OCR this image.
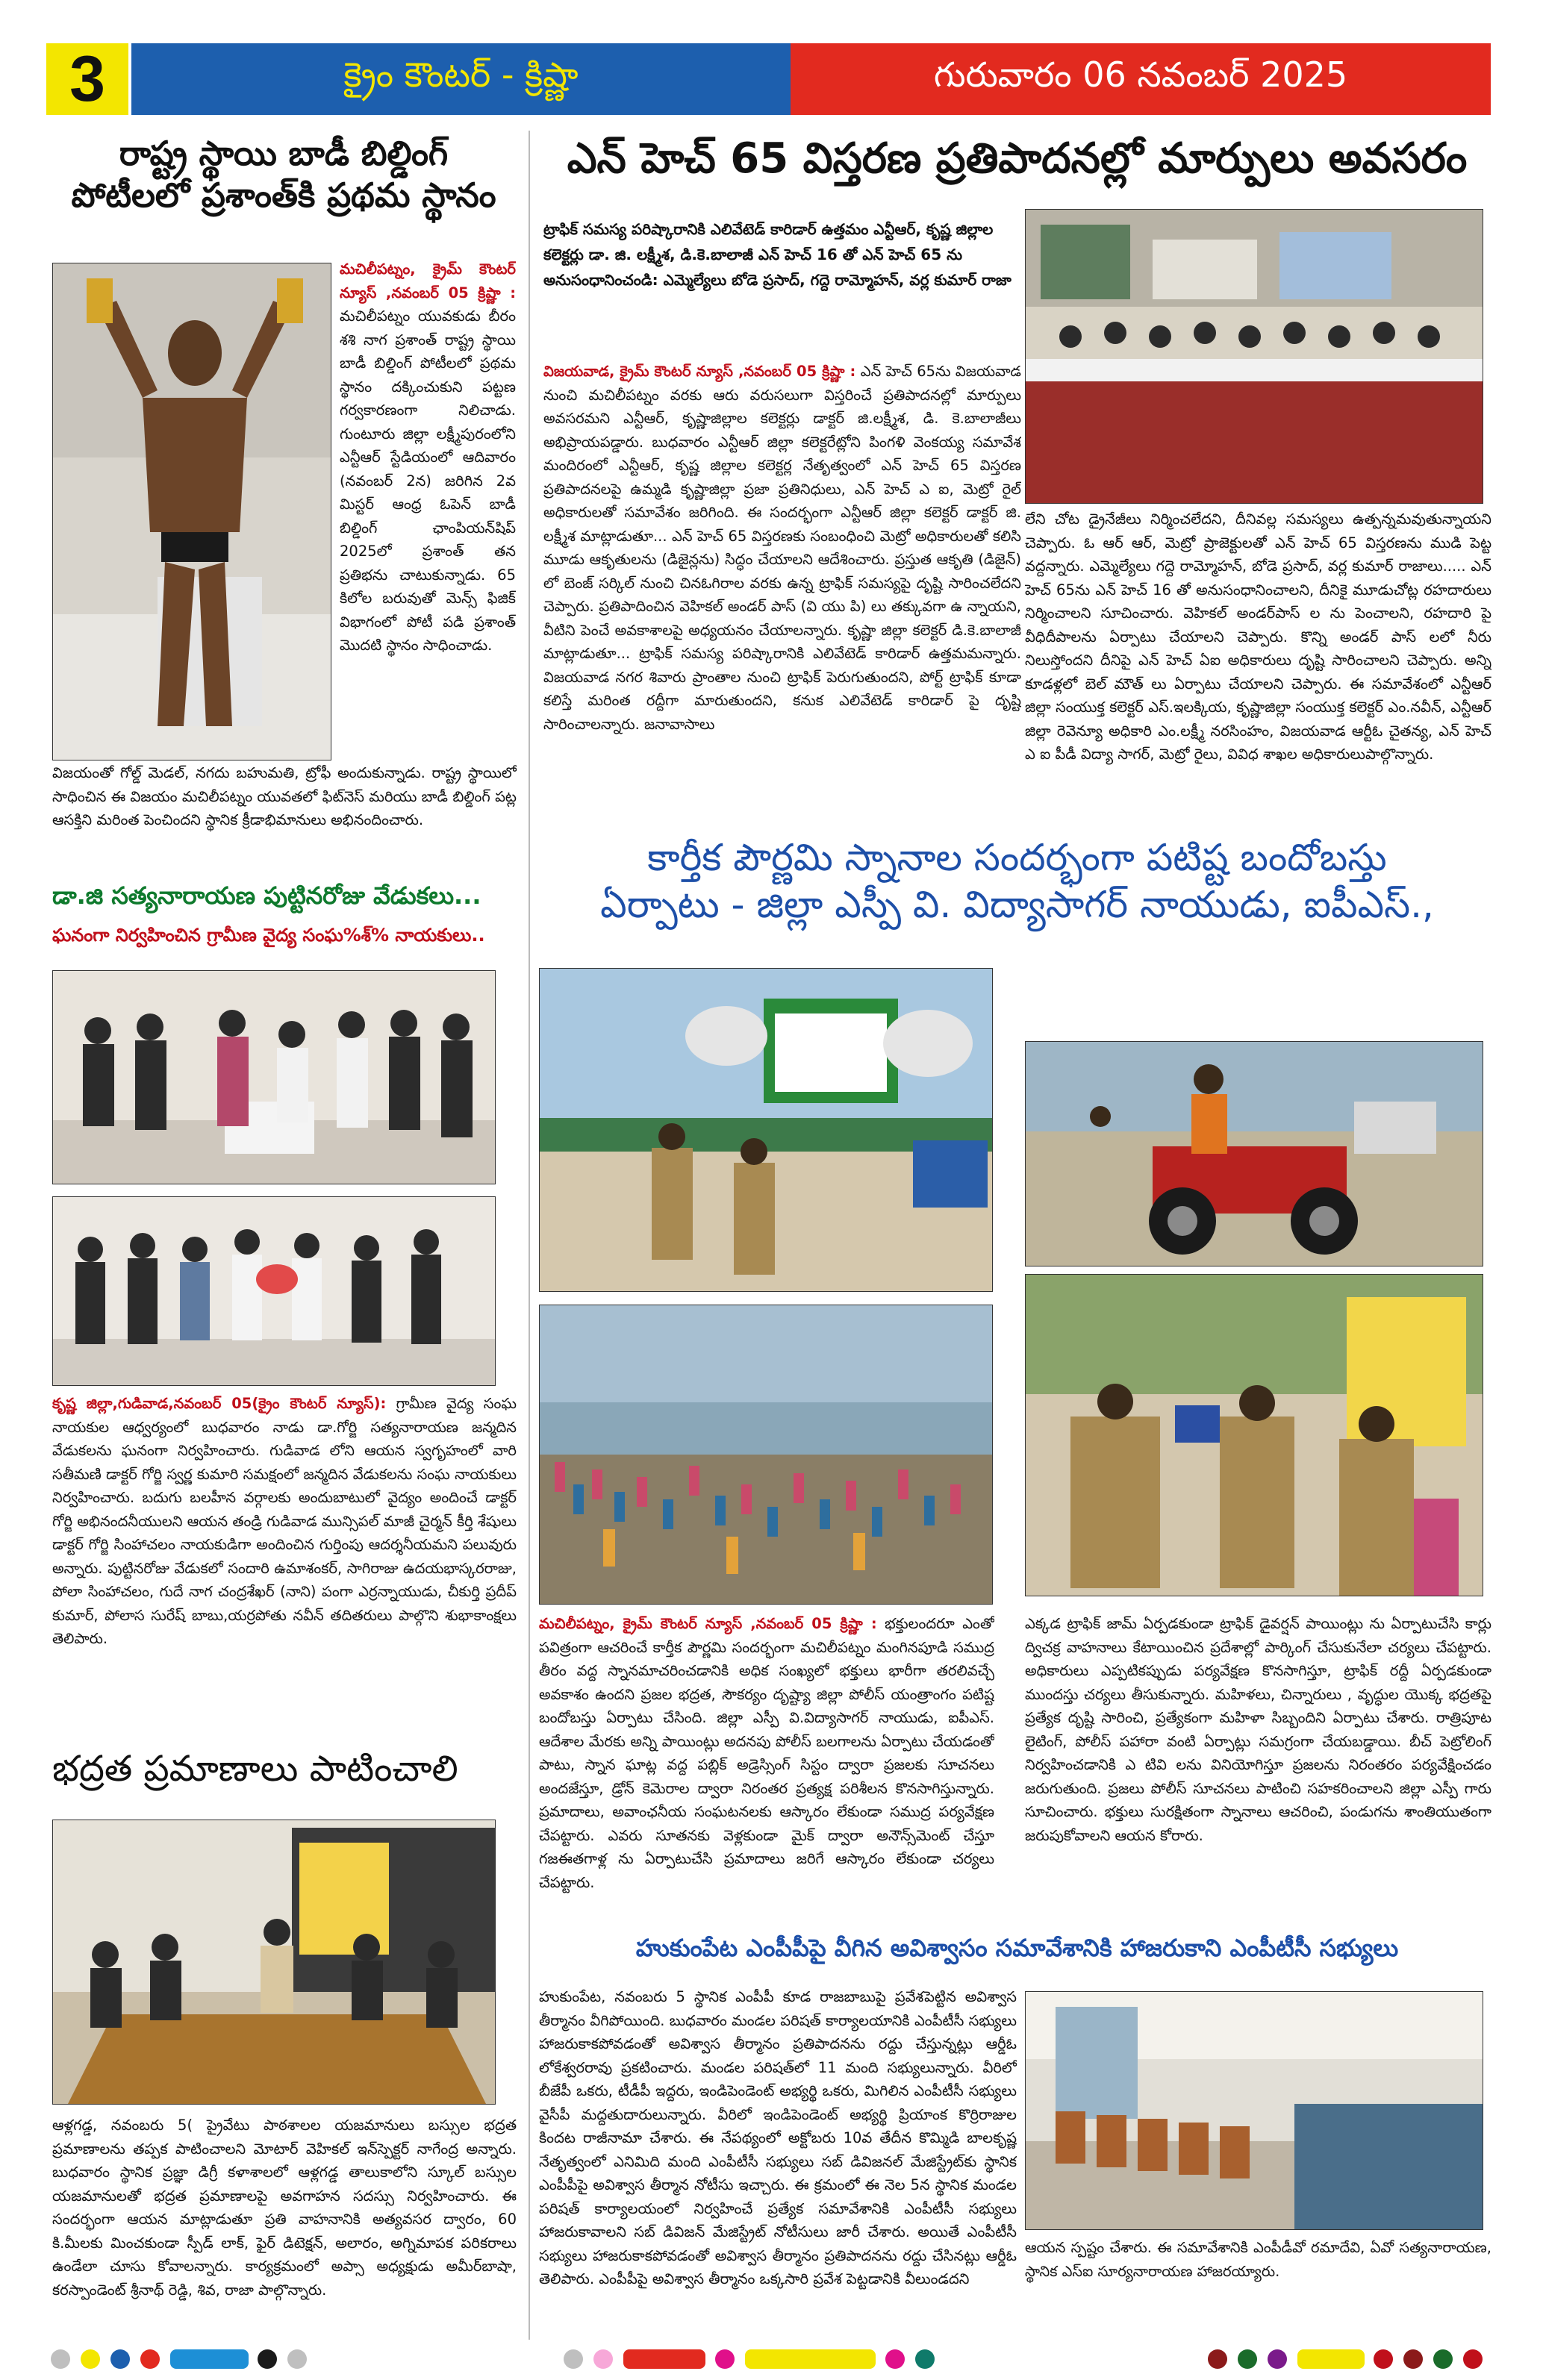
3	క్రైం కౌంటర్ - క్రిష్ణా	గురువారం 06 నవంబర్ 2025
రాష్ట్ర స్థాయి బాడీ బిల్డింగ్
పోటీలలో ప్రశాంత్‌కి ప్రథమ స్థానం
మచిలీపట్నం, క్రైమ్ కౌంటర్ న్యూస్ ,నవంబర్ 05 క్రిష్ణా : మచిలీపట్నం యువకుడు బీరం శశి నాగ ప్రశాంత్ రాష్ట్ర స్థాయి బాడీ బిల్డింగ్ పోటీలలో ప్రథమ స్థానం దక్కించుకుని పట్టణ గర్వకారణంగా నిలిచాడు. గుంటూరు జిల్లా లక్ష్మీపురంలోని ఎన్టీఆర్ స్టేడియంలో ఆదివారం (నవంబర్ 2న) జరిగిన 2వ మిస్టర్ ఆంధ్ర ఓపెన్ బాడీ బిల్డింగ్ ఛాంపియన్‌షిప్ 2025లో ప్రశాంత్ తన ప్రతిభను చాటుకున్నాడు. 65 కిలోల బరువుతో మెన్స్ ఫిజిక్ విభాగంలో పోటీ పడి ప్రశాంత్ మొదటి స్థానం సాధించాడు.

విజయంతో గోల్డ్ మెడల్, నగదు బహుమతి, ట్రోఫీ అందుకున్నాడు. రాష్ట్ర స్థాయిలో సాధించిన ఈ విజయం మచిలీపట్నం యువతలో ఫిట్‌నెస్ మరియు బాడీ బిల్డింగ్ పట్ల ఆసక్తిని మరింత పెంచిందని స్థానిక క్రీడాభిమానులు అభినందించారు.

డా.జి సత్యనారాయణ పుట్టినరోజు వేడుకలు...
ఘనంగా నిర్వహించిన గ్రామీణ వైద్య సంఘ%శ్% నాయకులు..
కృష్ణ జిల్లా,గుడివాడ,నవంబర్ 05(క్రైం కౌంటర్ న్యూస్): గ్రామీణ వైద్య సంఘ నాయకుల ఆధ్వర్యంలో బుధవారం నాడు డా.గోర్జి సత్యనారాయణ జన్మదిన వేడుకలను ఘనంగా నిర్వహించారు. గుడివాడ లోని ఆయన స్వగృహంలో వారి సతీమణి డాక్టర్ గోర్జి స్వర్ణ కుమారి సమక్షంలో జన్మదిన వేడుకలను సంఘ నాయకులు నిర్వహించారు. బదుగు బలహీన వర్గాలకు అందుబాటులో వైద్యం అందించే డాక్టర్ గోర్జి అభినందనీయులని ఆయన తండ్రి గుడివాడ మున్సిపల్ మాజీ చైర్మన్ కీర్తి శేషులు డాక్టర్ గోర్జి సింహాచలం నాయకుడిగా అందించిన గుర్తింపు ఆదర్శనీయమని పలువురు అన్నారు. పుట్టినరోజు వేడుకలో సందారి ఉమాశంకర్, సాగిరాజు ఉదయభాస్కరరాజు, పోలా సింహాచలం, గుదే నాగ చంద్రశేఖర్ (నాని) పంగా ఎర్రన్నాయుడు, చీకుర్తి ప్రదీప్ కుమార్, పోలాస సురేష్ బాబు,యర్రపోతు నవీన్ తదితరులు పాల్గొని శుభాకాంక్షలు తెలిపారు.
భద్రత ప్రమాణాలు పాటించాలి

ఆళ్లగడ్డ, నవంబరు 5( ప్రైవేటు పాఠశాలల యజమానులు బస్సుల భద్రత ప్రమాణాలను తప్పక పాటించాలని మోటార్ వెహికల్ ఇన్‌స్పెక్టర్ నాగేంద్ర అన్నారు. బుధవారం స్థానిక ప్రజ్ఞా డిగ్రీ కళాశాలలో ఆళ్లగడ్డ తాలుకాలోని స్కూల్ బస్సుల యజమానులతో భద్రత ప్రమాణాలపై అవగాహన సదస్సు నిర్వహించారు. ఈ సందర్భంగా ఆయన మాట్లాడుతూ ప్రతి వాహనానికి అత్యవసర ద్వారం, 60 కి.మీలకు మించకుండా స్పీడ్ లాక్, ఫైర్ డిటెక్షన్, అలారం, అగ్నిమాపక పరికరాలు ఉండేలా చూసు కోవాలన్నారు. కార్యక్రమంలో అప్సా అధ్యక్షుడు అమీర్‌బాషా, కరస్పాండెంట్ శ్రీనాథ్ రెడ్డి, శివ, రాజా పాల్గొన్నారు.

ఎన్ హెచ్ 65 విస్తరణ ప్రతిపాదనల్లో మార్పులు అవసరం
ట్రాఫిక్ సమస్య పరిష్కారానికి ఎలివేటెడ్ కారిడార్ ఉత్తమం ఎన్టీఆర్, కృష్ణ జిల్లాల కలెక్టర్లు డా. జి. లక్ష్మీశ, డి.కె.బాలాజీ ఎన్ హెచ్ 16 తో ఎన్ హెచ్ 65 ను అనుసంధానించండి: ఎమ్మెల్యేలు బోడె ప్రసాద్, గద్దె రామ్మోహన్, వర్ల కుమార్ రాజా
విజయవాడ, క్రైమ్ కౌంటర్ న్యూస్ ,నవంబర్ 05 క్రిష్ణా : ఎన్ హెచ్ 65ను విజయవాడ నుంచి మచిలీపట్నం వరకు ఆరు వరుసలుగా విస్తరించే ప్రతిపాదనల్లో మార్పులు అవసరమని ఎన్టీఆర్, కృష్ణాజిల్లాల కలెక్టర్లు డాక్టర్ జి.లక్ష్మీశ, డి. కె.బాలాజీలు అభిప్రాయపడ్డారు. బుధవారం ఎన్టీఆర్ జిల్లా కలెక్టరేట్లోని పింగళి వెంకయ్య సమావేశ మందిరంలో ఎన్టీఆర్, కృష్ణ జిల్లాల కలెక్టర్ల నేతృత్వంలో ఎన్ హెచ్ 65 విస్తరణ ప్రతిపాదనలపై ఉమ్మడి కృష్ణాజిల్లా ప్రజా ప్రతినిధులు, ఎన్ హెచ్ ఎ ఐ, మెట్రో రైల్ అధికారులతో సమావేశం జరిగింది. ఈ సందర్భంగా ఎన్టీఆర్ జిల్లా కలెక్టర్ డాక్టర్ జి. లక్ష్మీశ మాట్లాడుతూ... ఎన్ హెచ్ 65 విస్తరణకు సంబంధించి మెట్రో అధికారులతో కలిసి మూడు ఆకృతులను (డిజైన్లను) సిద్ధం చేయాలని ఆదేశించారు. ప్రస్తుత ఆకృతి (డిజైన్) లో బెంజ్ సర్కిల్ నుంచి చినఓగిరాల వరకు ఉన్న ట్రాఫిక్ సమస్యపై దృష్టి సారించలేదని చెప్పారు. ప్రతిపాదించిన వెహికల్ అండర్ పాస్ (వి యు పి) లు తక్కువగా ఉ న్నాయని, వీటిని పెంచే అవకాశాలపై అధ్యయనం చేయాలన్నారు. కృష్ణా జిల్లా కలెక్టర్ డి.కె.బాలాజీ మాట్లాడుతూ... ట్రాఫిక్ సమస్య పరిష్కారానికి ఎలివేటెడ్ కారిడార్ ఉత్తమమన్నారు. విజయవాడ నగర శివారు ప్రాంతాల నుంచి ట్రాఫిక్ పెరుగుతుందని, పోర్ట్ ట్రాఫిక్ కూడా కలిస్తే మరింత రద్దీగా మారుతుందని, కనుక ఎలివేటెడ్ కారిడార్ పై దృష్టి సారించాలన్నారు. జనావాసాలు

లేని చోట డ్రైనేజీలు నిర్మించలేదని, దీనివల్ల సమస్యలు ఉత్పన్నమవుతున్నాయని చెప్పారు. ఓ ఆర్ ఆర్, మెట్రో ప్రాజెక్టులతో ఎన్ హెచ్ 65 విస్తరణను ముడి పెట్ట వద్దన్నారు. ఎమ్మెల్యేలు గద్దె రామ్మోహన్, బోడె ప్రసాద్, వర్ల కుమార్ రాజాలు..... ఎన్ హెచ్ 65ను ఎన్ హెచ్ 16 తో అనుసంధానించాలని, దీనికై మూడుచోట్ల రహదారులు నిర్మించాలని సూచించారు. వెహికల్ అండర్‌పాస్ ల ను పెంచాలని, రహదారి పై వీధిదీపాలను ఏర్పాటు చేయాలని చెప్పారు. కొన్ని అండర్ పాస్ లలో నీరు నిలుస్తోందని దీనిపై ఎన్ హెచ్ ఏఐ అధికారులు దృష్టి సారించాలని చెప్పారు. అన్ని కూడళ్లలో బెల్ మౌత్ లు ఏర్పాటు చేయాలని చెప్పారు. ఈ సమావేశంలో ఎన్టీఆర్ జిల్లా సంయుక్త కలెక్టర్ ఎస్.ఇలక్కియ, కృష్ణాజిల్లా సంయుక్త కలెక్టర్ ఎం.నవీన్, ఎన్టీఆర్ జిల్లా రెవెన్యూ అధికారి ఎం.లక్ష్మీ నరసింహం, విజయవాడ ఆర్టీఓ చైతన్య, ఎన్ హెచ్ ఎ ఐ పీడీ విద్యా సాగర్, మెట్రో రైలు, వివిధ శాఖల అధికారులుపాల్గొన్నారు.

కార్తీక పౌర్ణమి స్నానాల సందర్భంగా పటిష్ట బందోబస్తు
ఏర్పాటు - జిల్లా ఎస్పీ వి. విద్యాసాగర్ నాయుడు, ఐపీఎస్.,
మచిలీపట్నం, క్రైమ్ కౌంటర్ న్యూస్ ,నవంబర్ 05 క్రిష్ణా : భక్తులందరూ ఎంతో పవిత్రంగా ఆచరించే కార్తీక పౌర్ణమి సందర్భంగా మచిలీపట్నం మంగినపూడి సముద్ర తీరం వద్ద స్నానమాచరించడానికి అధిక సంఖ్యలో భక్తులు భారీగా తరలివచ్చే అవకాశం ఉందని ప్రజల భద్రత, సౌకర్యం దృష్ట్యా జిల్లా పోలీస్ యంత్రాంగం పటిష్ట బందోబస్తు ఏర్పాటు చేసింది. జిల్లా ఎస్పీ వి.విద్యాసాగర్ నాయుడు, ఐపీఎస్. ఆదేశాల మేరకు అన్ని పాయింట్లు అదనపు పోలీస్ బలగాలను ఏర్పాటు చేయడంతో పాటు, స్నాన ఘాట్ల వద్ద పబ్లిక్ అడ్రెస్సింగ్ సిస్టం ద్వారా ప్రజలకు సూచనలు అందజేస్తూ, డ్రోన్ కెమెరాల ద్వారా నిరంతర ప్రత్యక్ష పరిశీలన కొనసాగిస్తున్నారు. ప్రమాదాలు, అవాంఛనీయ సంఘటనలకు ఆస్కారం లేకుండా సముద్ర పర్యవేక్షణ చేపట్టారు. ఎవరు సూతనకు వెళ్లకుండా మైక్ ద్వారా అనౌన్స్‌మెంట్ చేస్తూ గజఈతగాళ్ల ను ఏర్పాటుచేసి ప్రమాదాలు జరిగే ఆస్కారం లేకుండా చర్యలు చేపట్టారు.

ఎక్కడ ట్రాఫిక్ జామ్ ఏర్పడకుండా ట్రాఫిక్ డైవర్షన్ పాయింట్లు ను ఏర్పాటుచేసి కార్లు ద్విచక్ర వాహనాలు కేటాయించిన ప్రదేశాల్లో పార్కింగ్ చేసుకునేలా చర్యలు చేపట్టారు. అధికారులు ఎప్పటికప్పుడు పర్యవేక్షణ కొనసాగిస్తూ, ట్రాఫిక్ రద్దీ ఏర్పడకుండా ముందస్తు చర్యలు తీసుకున్నారు. మహిళలు, చిన్నారులు , వృద్ధుల యొక్క భద్రతపై ప్రత్యేక దృష్టి సారించి, ప్రత్యేకంగా మహిళా సిబ్బందిని ఏర్పాటు చేశారు. రాత్రిపూట లైటింగ్, పోలీస్ పహారా వంటి ఏర్పాట్లు సమగ్రంగా చేయబడ్డాయి. బీచ్ పెట్రోలింగ్ నిర్వహించడానికి ఎ టివి లను వినియోగిస్తూ ప్రజలను నిరంతరం పర్యవేక్షించడం జరుగుతుంది. ప్రజలు పోలీస్ సూచనలు పాటించి సహకరించాలని జిల్లా ఎస్పీ గారు సూచించారు. భక్తులు సురక్షితంగా స్నానాలు ఆచరించి, పండుగను శాంతియుతంగా జరుపుకోవాలని ఆయన కోరారు.

హుకుంపేట ఎంపీపీపై వీగిన అవిశ్వాసం సమావేశానికి హాజరుకాని ఎంపీటీసీ సభ్యులు

హుకుంపేట, నవంబరు 5 స్థానిక ఎంపీపీ కూడ రాజబాబుపై ప్రవేశపెట్టిన అవిశ్వాస తీర్మానం వీగిపోయింది. బుధవారం మండల పరిషత్ కార్యాలయానికి ఎంపీటీసీ సభ్యులు హాజరుకాకపోవడంతో అవిశ్వాస తీర్మానం ప్రతిపాదనను రద్దు చేస్తున్నట్లు ఆర్డీఓ లోకేశ్వరరావు ప్రకటించారు. మండల పరిషత్‌లో 11 మంది సభ్యులున్నారు. వీరిలో బీజేపీ ఒకరు, టీడీపీ ఇద్దరు, ఇండిపెండెంట్ అభ్యర్థి ఒకరు, మిగిలిన ఎంపీటీసీ సభ్యులు వైసీపీ మద్దతుదారులున్నారు. వీరిలో ఇండిపెండెంట్ అభ్యర్థి ప్రియాంక కొర్రిరాజుల కిందట రాజీనామా చేశారు. ఈ నేపథ్యంలో అక్టోబరు 10వ తేదీన కొమ్మిడి బాలకృష్ణ నేతృత్వంలో ఎనిమిది మంది ఎంపీటీసీ సభ్యులు సబ్ డివిజనల్ మేజిస్ట్రేట్‌కు స్థానిక ఎంపీపీపై అవిశ్వాస తీర్మాన నోటీసు ఇచ్చారు. ఈ క్రమంలో ఈ నెల 5న స్థానిక మండల పరిషత్ కార్యాలయంలో నిర్వహించే ప్రత్యేక సమావేశానికి ఎంపీటీసీ సభ్యులు హాజరుకావాలని సబ్ డివిజన్ మేజిస్ట్రేట్ నోటీసులు జారీ చేశారు. అయితే ఎంపీటీసీ సభ్యులు హాజరుకాకపోవడంతో అవిశ్వాస తీర్మానం ప్రతిపాదనను రద్దు చేసినట్లు ఆర్డీఓ తెలిపారు. ఎంపీపీపై అవిశ్వాస తీర్మానం ఒక్కసారి ప్రవేశ పెట్టడానికి వీలుండదని

ఆయన స్పష్టం చేశారు. ఈ సమావేశానికి ఎంపీడీవో రమాదేవి, ఏవో సత్యనారాయణ, స్థానిక ఎస్ఐ సూర్యనారాయణ హాజరయ్యారు.
